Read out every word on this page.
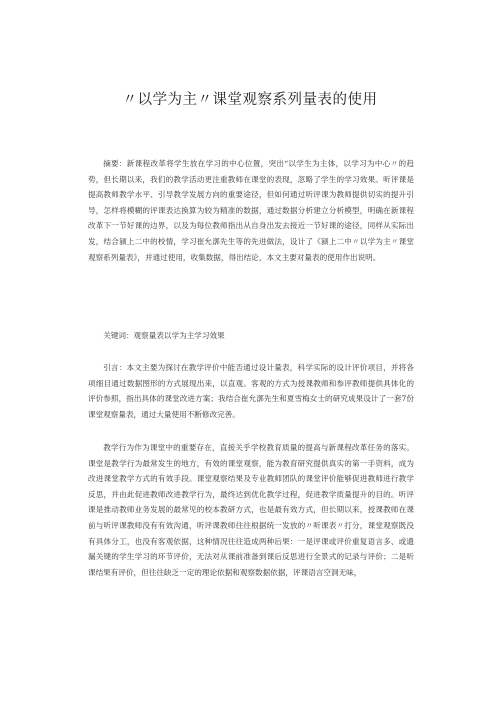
〃以学为主〃课堂观察系列量表的使用

摘要：新课程改革将学生放在学习的中心位置，突出“以学生为主体，以学习为中心〃的趋势，但长期以来，我们的教学活动更注重教师在课堂的表现，忽略了学生的学习效果。听评课是提高教师教学水平、引导教学发展方向的重要途径，但如何通过听评课为教师提供切实的提升引导，怎样将模糊的评课表达换算为较为精准的数据，通过数据分析建立分析模型，明确在新课程改革下一节好课的边界，以及为每位教师指出从自身出发去接近一节好课的途径，同样从实际出发，结合颍上二中的校情，学习崔允漷先生等的先进做法，设计了《颍上二中〃以学为主〃课堂观察系列量表》，并通过使用，收集数据，得出结论，本文主要对量表的使用作出说明。

关键词：观察量表以学为主学习效果

引言：本文主要为探讨在教学评价中能否通过设计量表，科学实际的设计评价项目，并将各项细目通过数据图形的方式展现出来，以直观。客观的方式为授课教师和参评教师提供具体化的评价参照，指出具体的课堂改进方案；我结合崔允漷先生和夏雪梅女士的研究成果设计了一套7份课堂观察量表，通过大量使用不断修改完善。

教学行为作为课堂中的重要存在，直接关乎学校教育质量的提高与新课程改革任务的落实。课堂是教学行为最常发生的地方，有效的课堂观察，能为教育研究提供真实的第一手资料，成为改进课堂教学方式的有效手段。课堂观察结果及专业教师团队的课堂评价能够促进教师进行教学反思，并由此促进教师改进教学行为，最终达到优化教学过程，促进教学质量提升的目的。听评课是推动教师业务发展的最常见的校本教研方式，也是最有效方式，但长期以来，授课教师在课前与听评课教师没有有效沟通，听评课教师往往根据统一发放的〃听课表〃打分，课堂观察既没有具体分工，也没有客观依据，这种情况往往造成两种后果：一是评课或评价重复语言多、或遗漏关键的学生学习的环节评价，无法对从课前准备到课后反思进行全景式的记录与评价；二是听课结果有评价，但往往缺乏一定的理论依据和观察数据依据，评课语言空洞无味，
